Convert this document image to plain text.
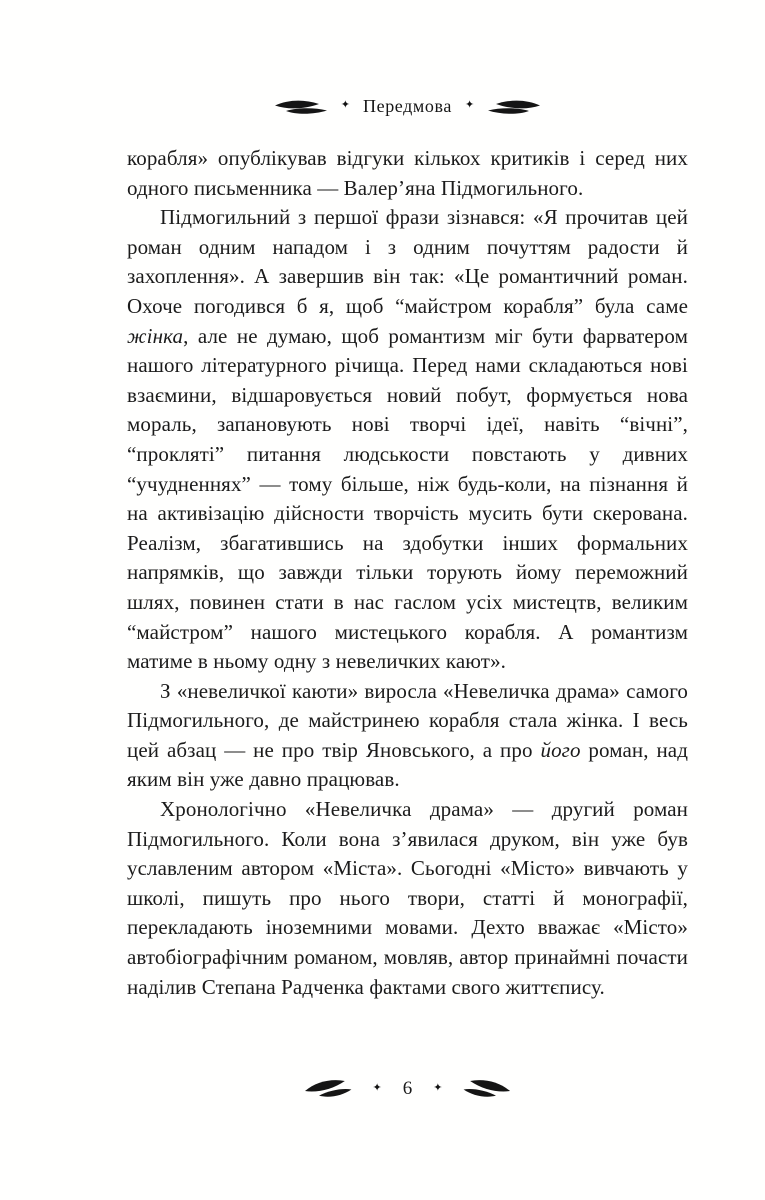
✦ Передмова ✦

корабля» опублікував відгуки кількох критиків і серед них одного письменника — Валер’яна Підмогильного.

Підмогильний з першої фрази зізнався: «Я прочитав цей роман одним нападом і з одним почуттям радости й захоплення». А завершив він так: «Це романтичний роман. Охоче погодився б я, щоб “майстром корабля” була саме жінка, але не думаю, щоб романтизм міг бути фарватером нашого літературного річища. Перед нами складаються нові взаємини, відшаровується новий побут, формується нова мораль, запановують нові творчі ідеї, навіть “вічні”, “прокляті” питання людськости повстають у дивних “учудненнях” — тому більше, ніж будь-коли, на пізнання й на активізацію дійсности творчість мусить бути скерована. Реалізм, збагатившись на здобутки інших формальних напрямків, що завжди тільки торують йому переможний шлях, повинен стати в нас гаслом усіх мистецтв, великим “майстром” нашого мистецького корабля. А романтизм матиме в ньому одну з невеличких кают».

З «невеличкої каюти» виросла «Невеличка драма» самого Підмогильного, де майстринею корабля стала жінка. І весь цей абзац — не про твір Яновського, а про його роман, над яким він уже давно працював.

Хронологічно «Невеличка драма» — другий роман Підмогильного. Коли вона з’явилася друком, він уже був уславленим автором «Міста». Сьогодні «Місто» вивчають у школі, пишуть про нього твори, статті й монографії, перекладають іноземними мовами. Дехто вважає «Місто» автобіографічним романом, мовляв, автор принаймні почасти наділив Степана Радченка фактами свого життєпису.

✦ 6 ✦
